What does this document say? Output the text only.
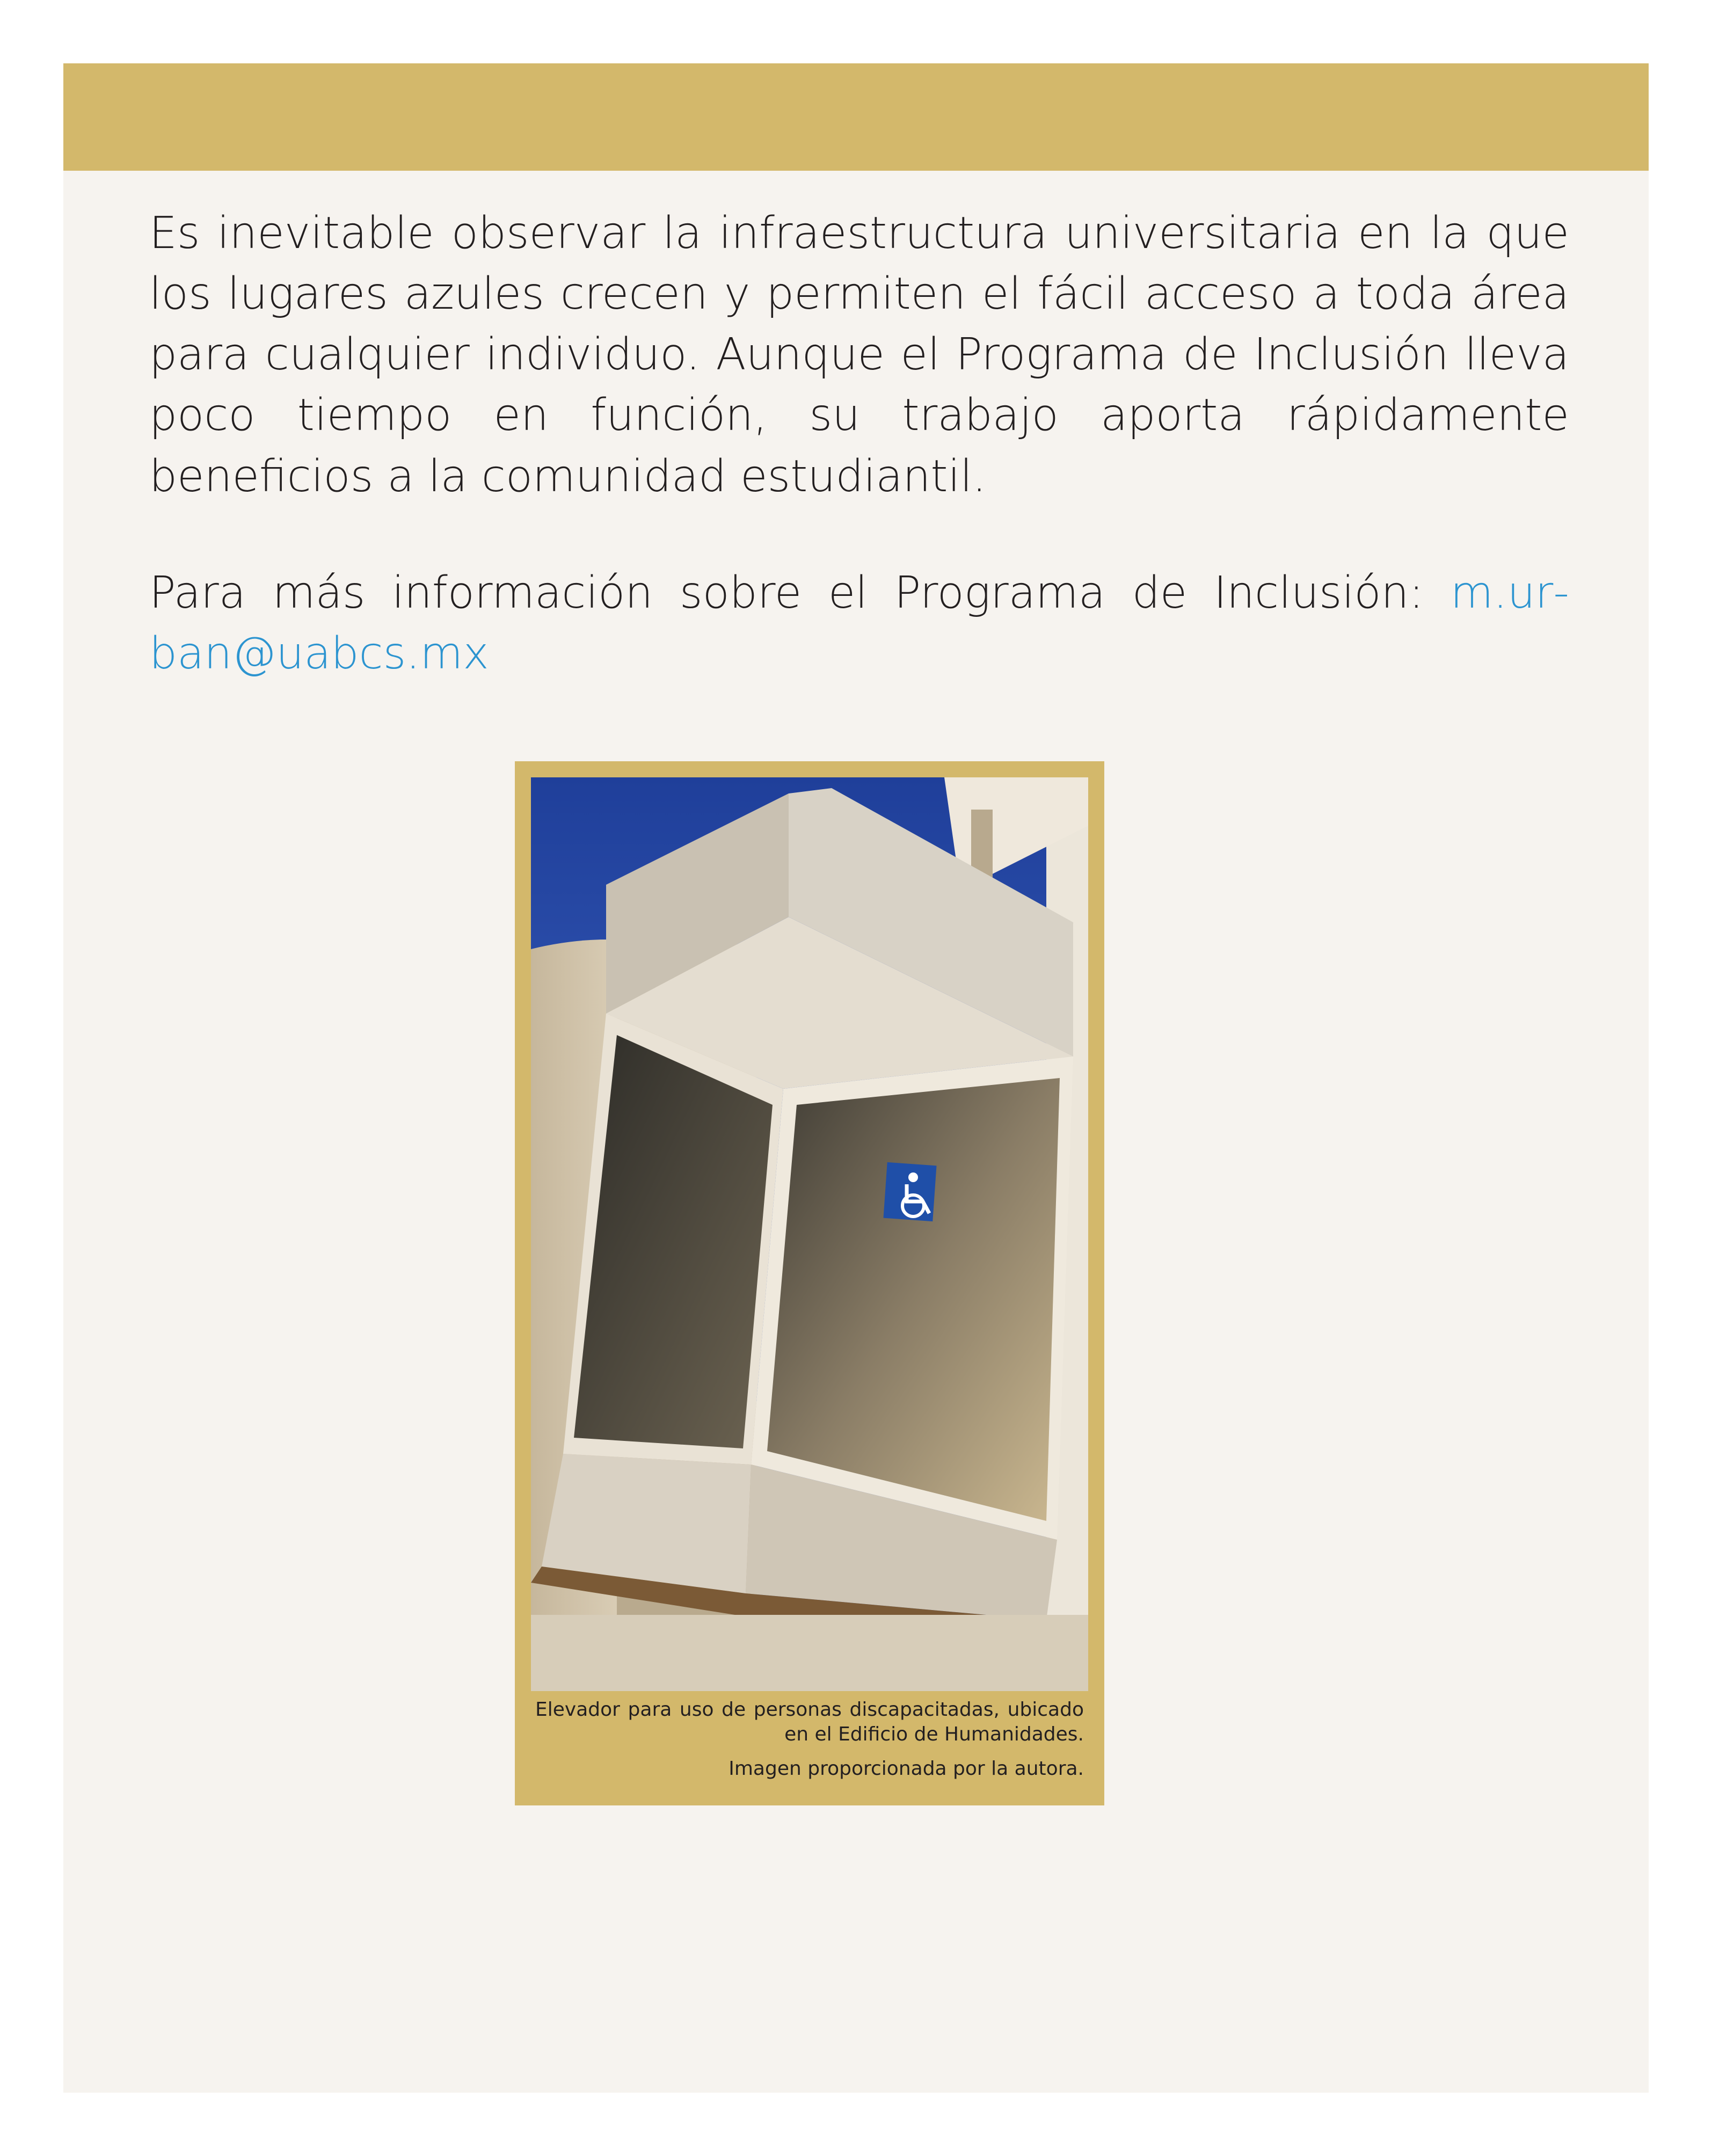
Es inevitable observar la infraestructura universitaria en la que los lugares azules crecen y permiten el fácil acceso a toda área para cualquier individuo. Aunque el Programa de Inclusión lleva poco tiempo en función, su trabajo aporta rápidamente beneficios a la comunidad estudiantil.

Para más información sobre el Programa de Inclusión: m.urban@uabcs.mx

Elevador para uso de personas discapacitadas, ubicado en el Edificio de Humanidades.

Imagen proporcionada por la autora.
